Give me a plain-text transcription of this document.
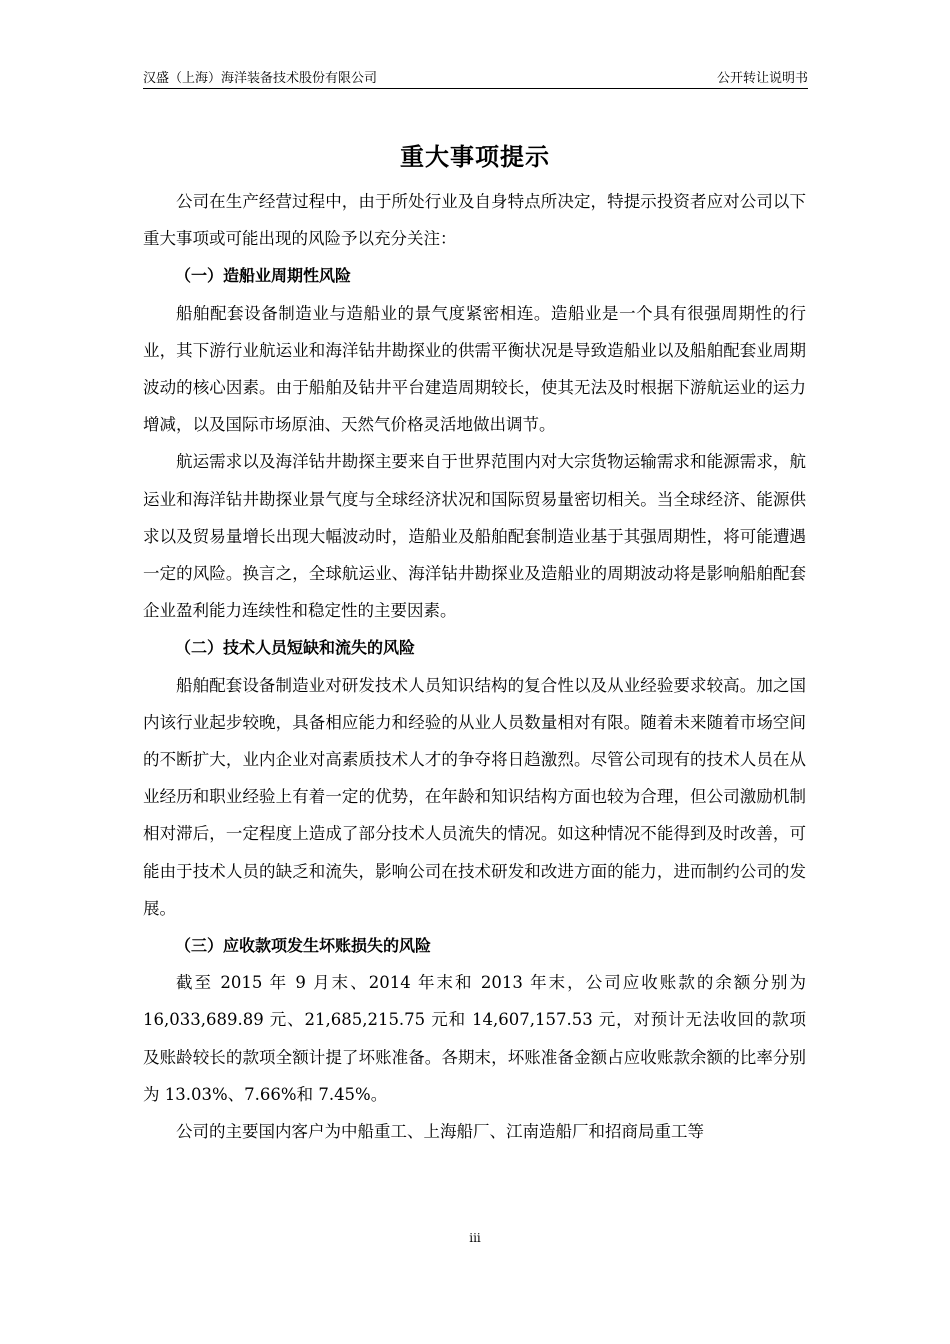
汉盛（上海）海洋装备技术股份有限公司	公开转让说明书
重大事项提示

公司在生产经营过程中，由于所处行业及自身特点所决定，特提示投资者应对公司以下重大事项或可能出现的风险予以充分关注：

（一）造船业周期性风险

船舶配套设备制造业与造船业的景气度紧密相连。造船业是一个具有很强周期性的行业，其下游行业航运业和海洋钻井勘探业的供需平衡状况是导致造船业以及船舶配套业周期波动的核心因素。由于船舶及钻井平台建造周期较长，使其无法及时根据下游航运业的运力增减，以及国际市场原油、天然气价格灵活地做出调节。

航运需求以及海洋钻井勘探主要来自于世界范围内对大宗货物运输需求和能源需求，航运业和海洋钻井勘探业景气度与全球经济状况和国际贸易量密切相关。当全球经济、能源供求以及贸易量增长出现大幅波动时，造船业及船舶配套制造业基于其强周期性，将可能遭遇一定的风险。换言之，全球航运业、海洋钻井勘探业及造船业的周期波动将是影响船舶配套企业盈利能力连续性和稳定性的主要因素。

（二）技术人员短缺和流失的风险

船舶配套设备制造业对研发技术人员知识结构的复合性以及从业经验要求较高。加之国内该行业起步较晚，具备相应能力和经验的从业人员数量相对有限。随着未来随着市场空间的不断扩大，业内企业对高素质技术人才的争夺将日趋激烈。尽管公司现有的技术人员在从业经历和职业经验上有着一定的优势，在年龄和知识结构方面也较为合理，但公司激励机制相对滞后，一定程度上造成了部分技术人员流失的情况。如这种情况不能得到及时改善，可能由于技术人员的缺乏和流失，影响公司在技术研发和改进方面的能力，进而制约公司的发展。

（三）应收款项发生坏账损失的风险

截至 2015 年 9 月末、2014 年末和 2013 年末，公司应收账款的余额分别为 16,033,689.89 元、21,685,215.75 元和 14,607,157.53 元，对预计无法收回的款项及账龄较长的款项全额计提了坏账准备。各期末，坏账准备金额占应收账款余额的比率分别为 13.03%、7.66%和 7.45%。

公司的主要国内客户为中船重工、上海船厂、江南造船厂和招商局重工等

iii
